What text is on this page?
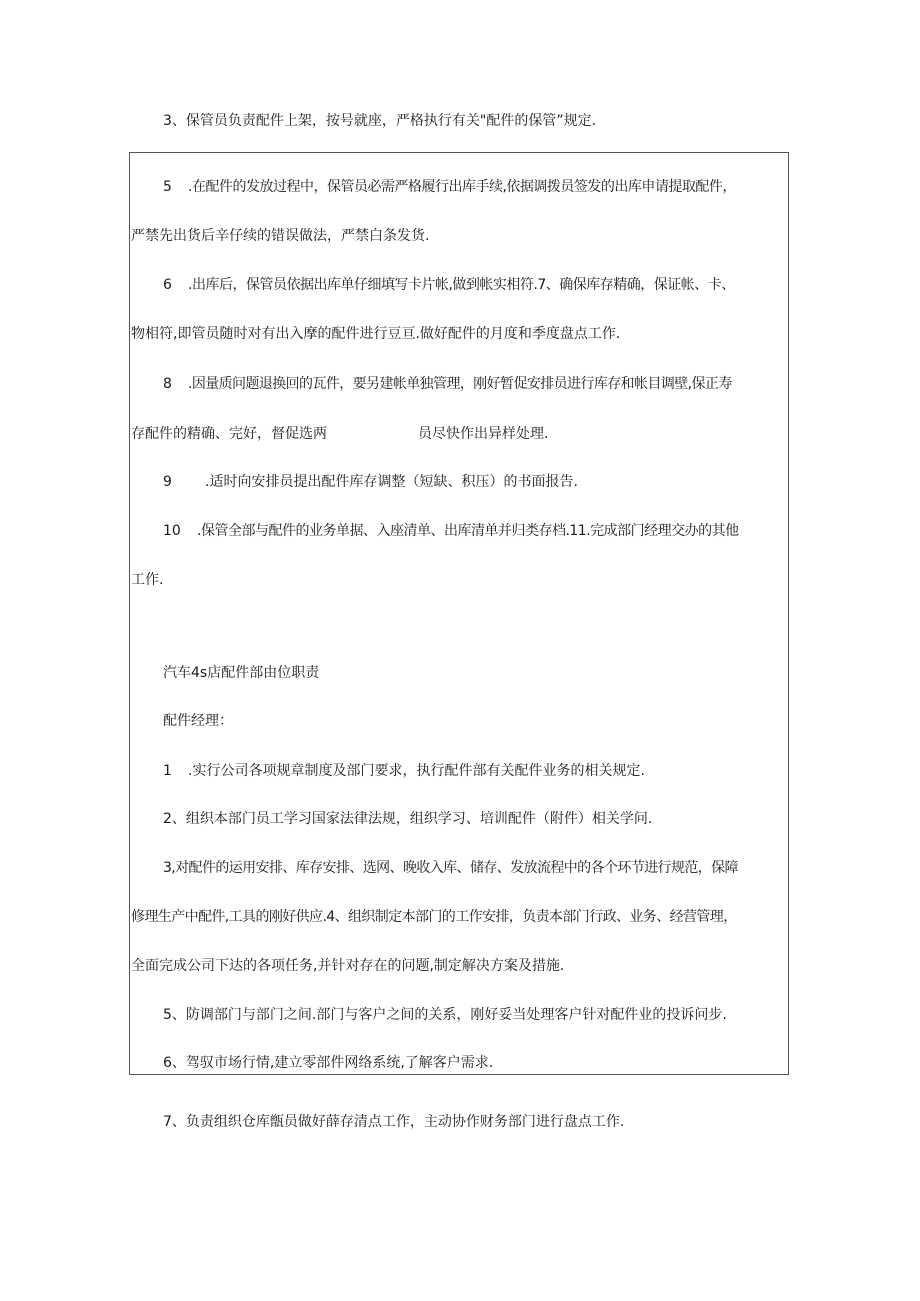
3、保管员负责配件上架，按号就座，严格执行有关"配件的保管”规定.
5 .在配件的发放过程中，保管员必需严格履行出库手续,依据调拨员签发的出库申请提取配件，
严禁先出货后辛仔续的错误做法，严禁白条发货.
6 .出库后，保管员依据出库单仔细填写卡片帐,做到帐实相符.7、确保库存精确，保证帐、卡、
物相符,即管员随时对有出入摩的配件进行豆亘.做好配件的月度和季度盘点工作.
8 .因量质问题退换回的瓦件，要另建帐单独管理，刚好暂促安排员进行库存和帐目调壁,保正寿
存配件的精确、完好，督促选两	员尽快作出异样处理.
9 .适时向安排员提出配件库存调整（短缺、积压）的书面报告.
10 .保管全部与配件的业务单据、入座清单、出库清单并归类存档.11.完成部门经理交办的其他
工作.
汽车4s店配件部由位职责
配件经理：
1 .实行公司各项规章制度及部门要求，执行配件部有关配件业务的相关规定.
2、组织本部门员工学习国家法律法规，组织学习、培训配件（附件）相关学问.
3,对配件的运用安排、库存安排、选网、晚收入库、储存、发放流程中的各个环节进行规范，保障
修理生产中配件,工具的刚好供应.4、组织制定本部门的工作安排，负责本部门行政、业务、经营管理，
全面完成公司下达的各项任务,并针对存在的问题,制定解决方案及措施.
5、防调部门与部门之间.部门与客户之间的关系，刚好妥当处理客户针对配件业的投诉问步.
6、驾驭市场行情,建立零部件网络系统,了解客户需求.
7、负责组织仓库甑员做好薛存清点工作，主动协作财务部门进行盘点工作.
